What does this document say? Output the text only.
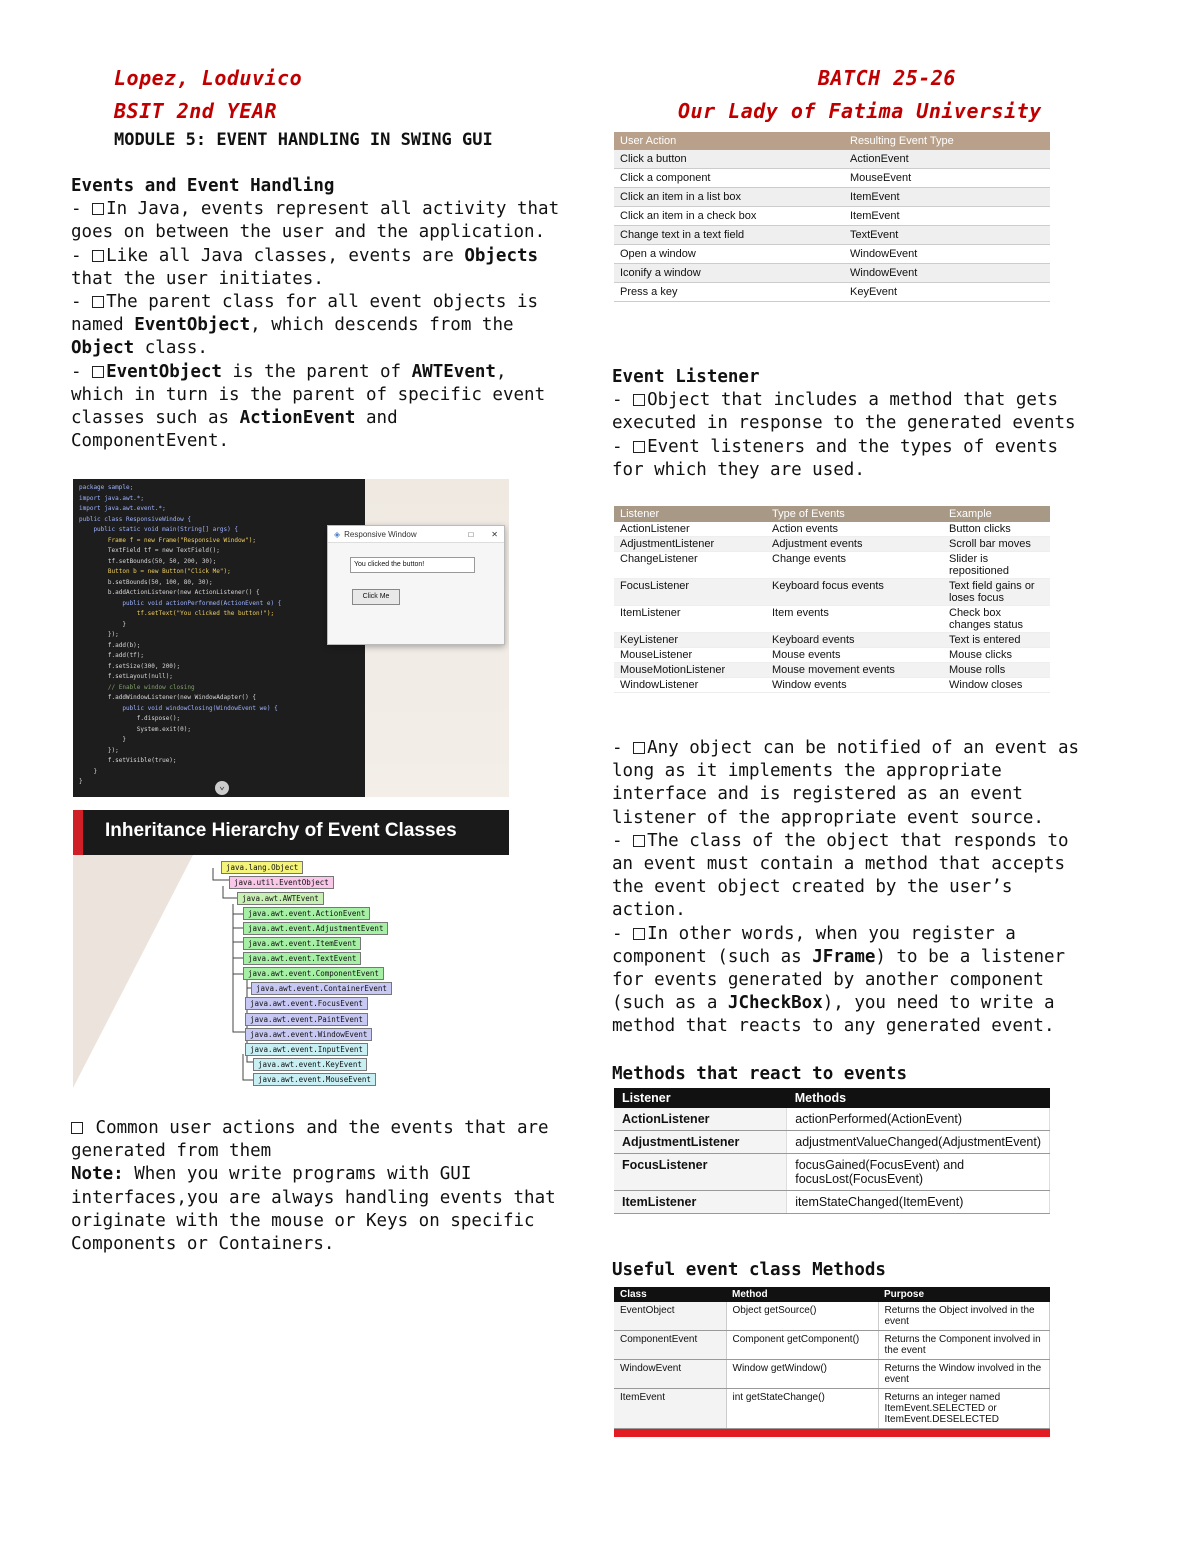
Lopez, Loduvico
BSIT 2nd YEAR
BATCH 25-26
Our Lady of Fatima University
MODULE 5: EVENT HANDLING IN SWING GUI
Events and Event Handling
- In Java, events represent all activity that goes on between the user and the application.
- Like all Java classes, events are Objects that the user initiates.
- The parent class for all event objects is named EventObject, which descends from the Object class.
- EventObject is the parent of AWTEvent, which in turn is the parent of specific event classes such as ActionEvent and ComponentEvent.
package sample;
import java.awt.*;
import java.awt.event.*;
public class ResponsiveWindow {
public static void main(String[] args) {
Frame f = new Frame("Responsive Window");
TextField tf = new TextField();
tf.setBounds(50, 50, 200, 30);
Button b = new Button("Click Me");
b.setBounds(50, 100, 80, 30);
b.addActionListener(new ActionListener() {
public void actionPerformed(ActionEvent e) {
tf.setText("You clicked the button!");
}
});
f.add(b);
f.add(tf);
f.setSize(300, 200);
f.setLayout(null);
// Enable window closing
f.addWindowListener(new WindowAdapter() {
public void windowClosing(WindowEvent we) {
f.dispose();
System.exit(0);
}
});
f.setVisible(true);
}
}
◈ Responsive Window	□ ✕
You clicked the button!
Click Me
⌄
Inheritance Hierarchy of Event Classes
java.lang.Object
java.util.EventObject
java.awt.AWTEvent
java.awt.event.ActionEvent
java.awt.event.AdjustmentEvent
java.awt.event.ItemEvent
java.awt.event.TextEvent
java.awt.event.ComponentEvent
java.awt.event.ContainerEvent
java.awt.event.FocusEvent
java.awt.event.PaintEvent
java.awt.event.WindowEvent
java.awt.event.InputEvent
java.awt.event.KeyEvent
java.awt.event.MouseEvent
Common user actions and the events that are generated from them
Note: When you write programs with GUI interfaces,you are always handling events that originate with the mouse or Keys on specific Components or Containers.
User Action	Resulting Event Type
Click a button	ActionEvent
Click a component	MouseEvent
Click an item in a list box	ItemEvent
Click an item in a check box	ItemEvent
Change text in a text field	TextEvent
Open a window	WindowEvent
Iconify a window	WindowEvent
Press a key	KeyEvent
Event Listener
- Object that includes a method that gets executed in response to the generated events
- Event listeners and the types of events for which they are used.
Listener	Type of Events	Example
ActionListener	Action events	Button clicks
AdjustmentListener	Adjustment events	Scroll bar moves
ChangeListener	Change events	Slider is repositioned
FocusListener	Keyboard focus events	Text field gains or loses focus
ItemListener	Item events	Check box changes status
KeyListener	Keyboard events	Text is entered
MouseListener	Mouse events	Mouse clicks
MouseMotionListener	Mouse movement events	Mouse rolls
WindowListener	Window events	Window closes
- Any object can be notified of an event as long as it implements the appropriate interface and is registered as an event listener of the appropriate event source.
- The class of the object that responds to an event must contain a method that accepts the event object created by the user’s action.
- In other words, when you register a component (such as JFrame) to be a listener for events generated by another component (such as a JCheckBox), you need to write a method that reacts to any generated event.
Methods that react to events
Listener	Methods
ActionListener	actionPerformed(ActionEvent)
AdjustmentListener	adjustmentValueChanged(AdjustmentEvent)
FocusListener	focusGained(FocusEvent) and focusLost(FocusEvent)
ItemListener	itemStateChanged(ItemEvent)
Useful event class Methods
Class	Method	Purpose
EventObject	Object getSource()	Returns the Object involved in the event
ComponentEvent	Component getComponent()	Returns the Component involved in the event
WindowEvent	Window getWindow()	Returns the Window involved in the event
ItemEvent	int getStateChange()	Returns an integer named ItemEvent.SELECTED or ItemEvent.DESELECTED
